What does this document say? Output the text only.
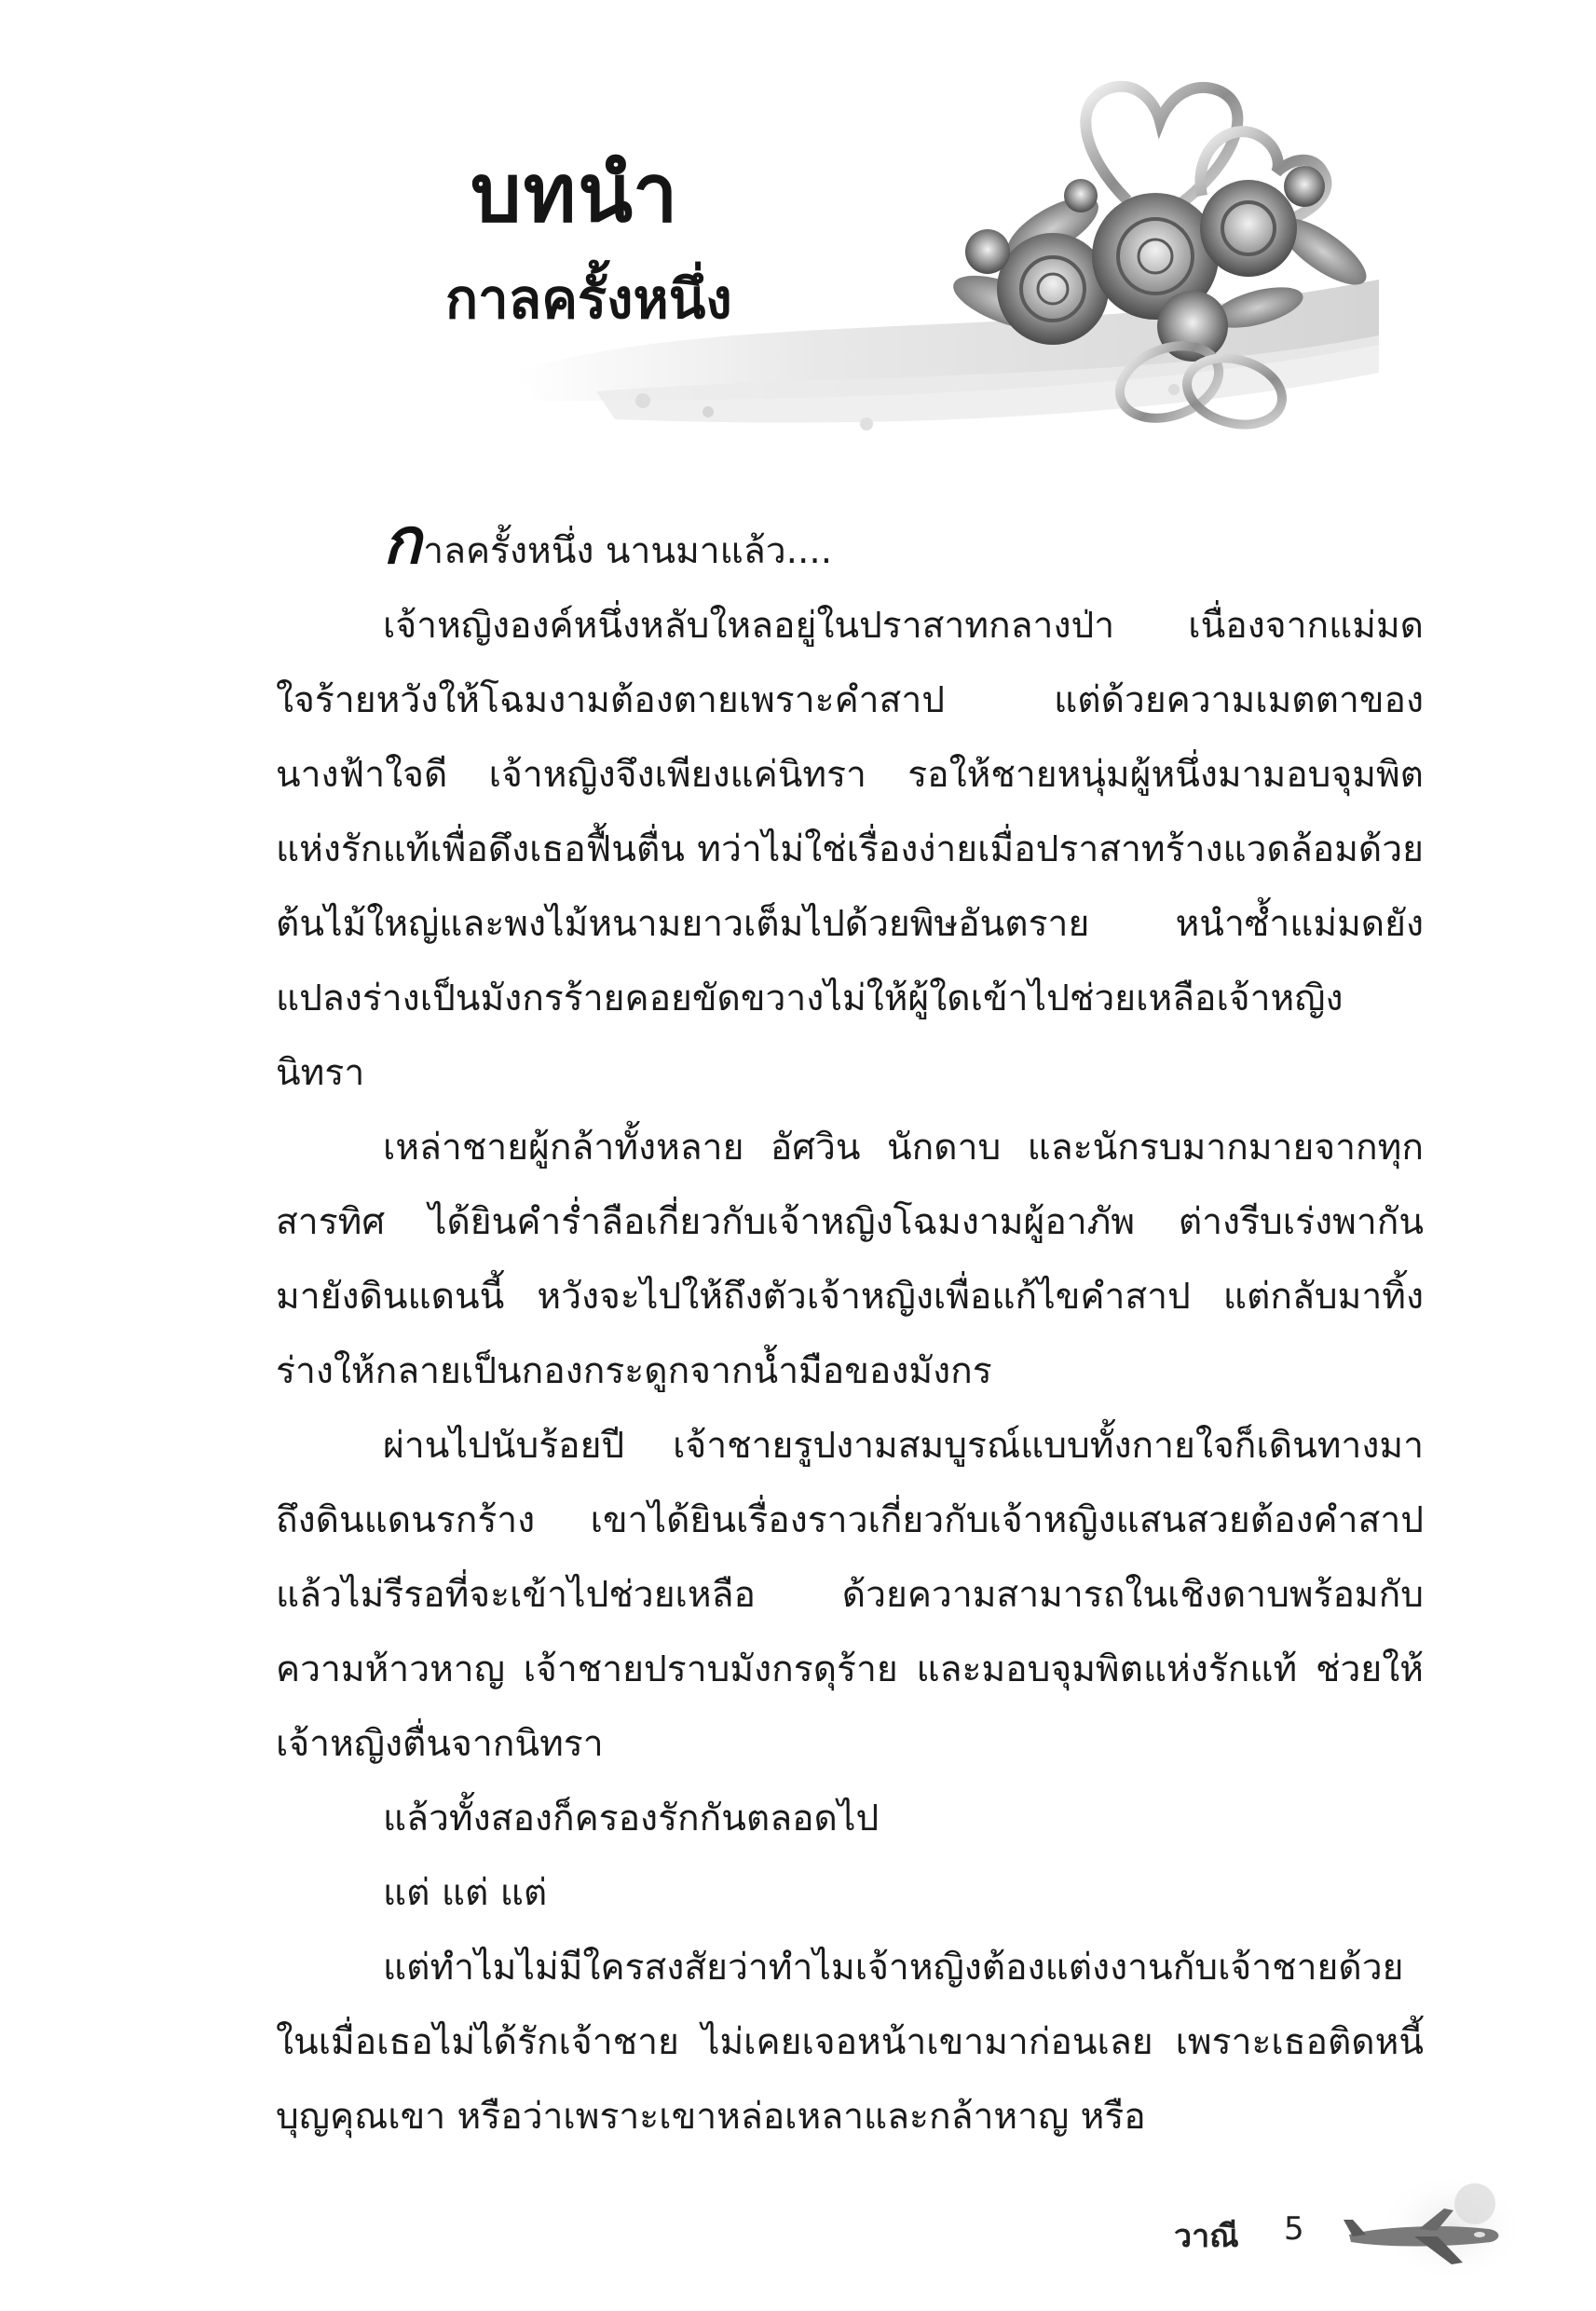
บทนำ
กาลครั้งหนึ่ง

กาลครั้งหนึ่ง นานมาแล้ว....

เจ้าหญิงองค์หนึ่งหลับใหลอยู่ในปราสาทกลางป่า เนื่องจากแม่มดใจร้ายหวังให้โฉมงามต้องตายเพราะคำสาป แต่ด้วยความเมตตาของนางฟ้าใจดี เจ้าหญิงจึงเพียงแค่นิทรา รอให้ชายหนุ่มผู้หนึ่งมามอบจุมพิตแห่งรักแท้เพื่อดึงเธอฟื้นตื่น ทว่าไม่ใช่เรื่องง่ายเมื่อปราสาทร้างแวดล้อมด้วยต้นไม้ใหญ่และพงไม้หนามยาวเต็มไปด้วยพิษอันตราย หนำซ้ำแม่มดยังแปลงร่างเป็นมังกรร้ายคอยขัดขวางไม่ให้ผู้ใดเข้าไปช่วยเหลือเจ้าหญิงนิทรา

เหล่าชายผู้กล้าทั้งหลาย อัศวิน นักดาบ และนักรบมากมายจากทุกสารทิศ ได้ยินคำร่ำลือเกี่ยวกับเจ้าหญิงโฉมงามผู้อาภัพ ต่างรีบเร่งพากันมายังดินแดนนี้ หวังจะไปให้ถึงตัวเจ้าหญิงเพื่อแก้ไขคำสาป แต่กลับมาทิ้งร่างให้กลายเป็นกองกระดูกจากน้ำมือของมังกร

ผ่านไปนับร้อยปี เจ้าชายรูปงามสมบูรณ์แบบทั้งกายใจก็เดินทางมาถึงดินแดนรกร้าง เขาได้ยินเรื่องราวเกี่ยวกับเจ้าหญิงแสนสวยต้องคำสาป แล้วไม่รีรอที่จะเข้าไปช่วยเหลือ ด้วยความสามารถในเชิงดาบพร้อมกับความห้าวหาญ เจ้าชายปราบมังกรดุร้าย และมอบจุมพิตแห่งรักแท้ ช่วยให้เจ้าหญิงตื่นจากนิทรา

แล้วทั้งสองก็ครองรักกันตลอดไป

แต่ แต่ แต่

แต่ทำไมไม่มีใครสงสัยว่าทำไมเจ้าหญิงต้องแต่งงานกับเจ้าชายด้วย ในเมื่อเธอไม่ได้รักเจ้าชาย ไม่เคยเจอหน้าเขามาก่อนเลย เพราะเธอติดหนี้บุญคุณเขา หรือว่าเพราะเขาหล่อเหลาและกล้าหาญ หรือ

วาณี 5
